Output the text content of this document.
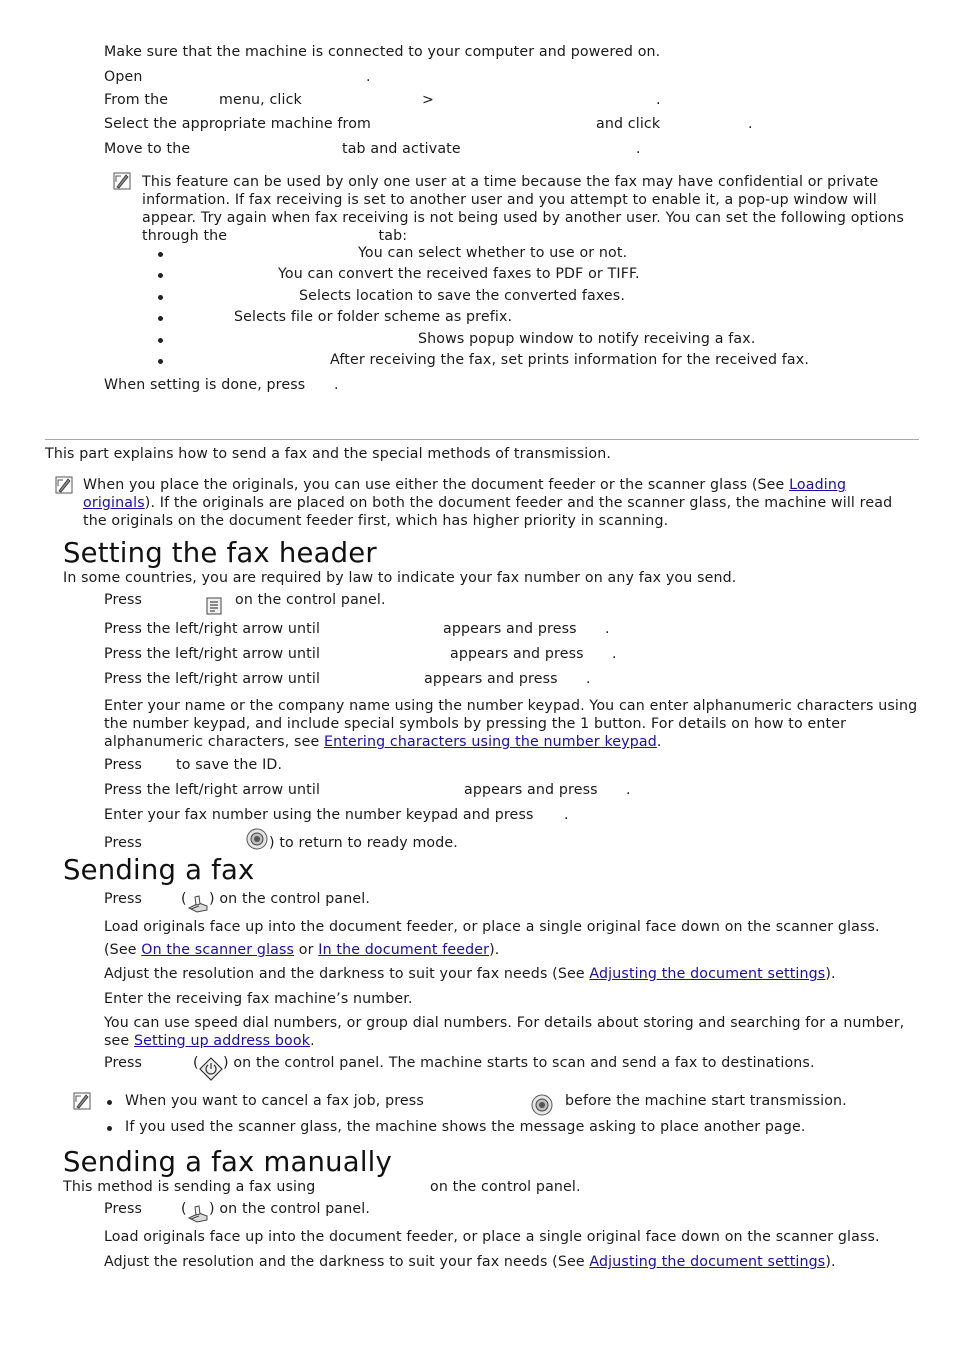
Make sure that the machine is connected to your computer and powered on.
Open	.
From the	menu, click	>	.
Select the appropriate machine from	and click	.
Move to the	tab and activate	.
This feature can be used by only one user at a time because the fax may have confidential or private information. If fax receiving is set to another user and you attempt to enable it, a pop-up window will appear. Try again when fax receiving is not being used by another user. You can set the following options through the	tab:
You can select whether to use or not.
You can convert the received faxes to PDF or TIFF.
Selects location to save the converted faxes.
Selects file or folder scheme as prefix.
Shows popup window to notify receiving a fax.
After receiving the fax, set prints information for the received fax.
When setting is done, press .
This part explains how to send a fax and the special methods of transmission.
When you place the originals, you can use either the document feeder or the scanner glass (See Loading
originals). If the originals are placed on both the document feeder and the scanner glass, the machine will read the originals on the document feeder first, which has higher priority in scanning.
Setting the fax header
In some countries, you are required by law to indicate your fax number on any fax you send.
Press	on the control panel.
Press the left/right arrow until	appears and press .
Press the left/right arrow until	appears and press .
Press the left/right arrow until	appears and press .
Enter your name or the company name using the number keypad. You can enter alphanumeric characters using the number keypad, and include special symbols by pressing the 1 button. For details on how to enter alphanumeric characters, see Entering characters using the number keypad.
Press to save the ID.
Press the left/right arrow until	appears and press .
Enter your fax number using the number keypad and press .
Press	) to return to ready mode.
Sending a fax
Press	( ) on the control panel.
Load originals face up into the document feeder, or place a single original face down on the scanner glass.
(See On the scanner glass or In the document feeder).
Adjust the resolution and the darkness to suit your fax needs (See Adjusting the document settings).
Enter the receiving fax machine’s number.
You can use speed dial numbers, or group dial numbers. For details about storing and searching for a number, see Setting up address book.
Press	( ) on the control panel. The machine starts to scan and send a fax to destinations.
When you want to cancel a fax job, press	before the machine start transmission.
If you used the scanner glass, the machine shows the message asking to place another page.
Sending a fax manually
This method is sending a fax using	on the control panel.
Press	( ) on the control panel.
Load originals face up into the document feeder, or place a single original face down on the scanner glass.
Adjust the resolution and the darkness to suit your fax needs (See Adjusting the document settings).
